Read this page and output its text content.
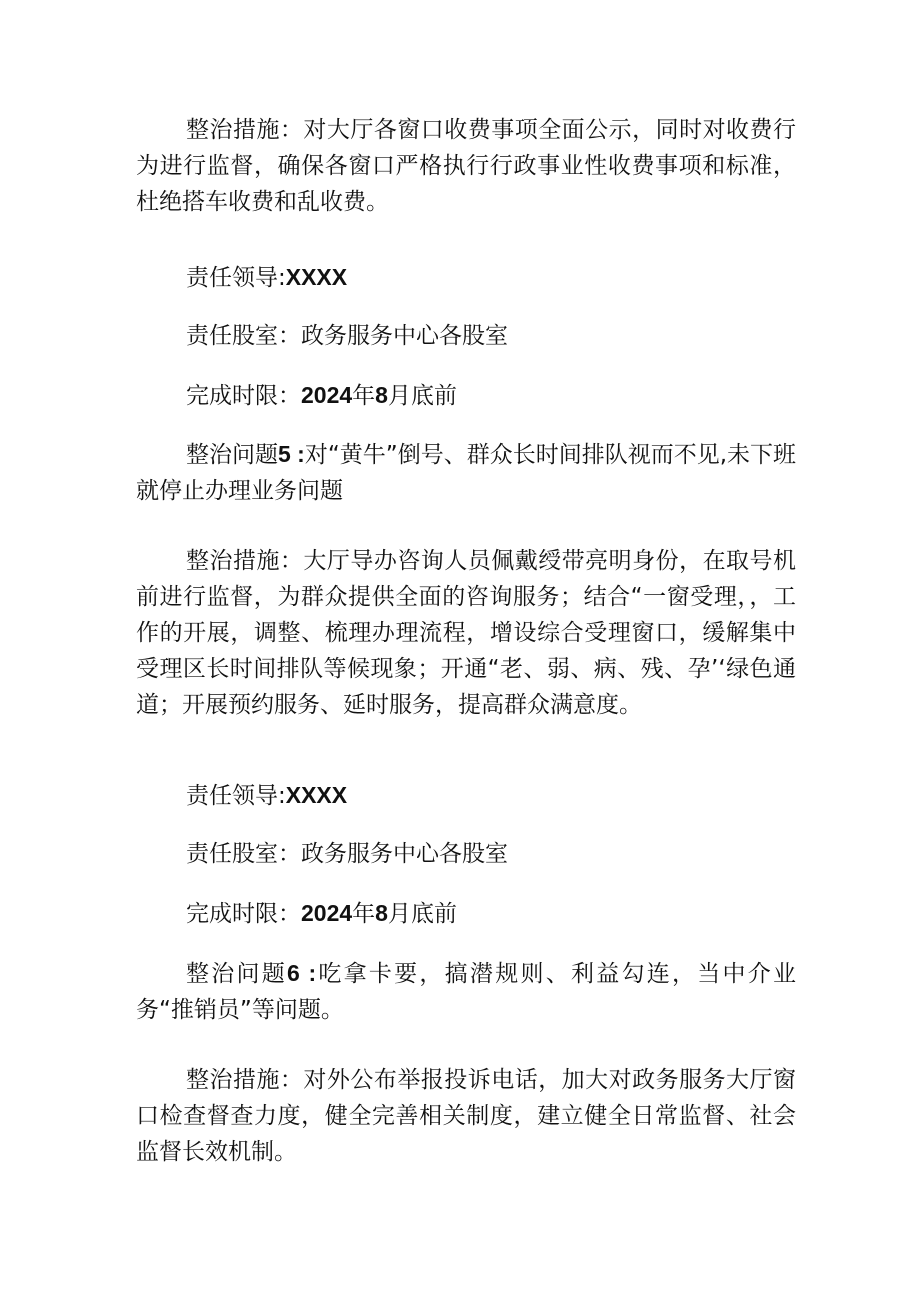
整治措施：对大厅各窗口收费事项全面公示，同时对收费行为进行监督，确保各窗口严格执行行政事业性收费事项和标准，杜绝搭车收费和乱收费。

责任领导:XXXX

责任股室：政务服务中心各股室

完成时限：2024年8月底前

整治问题5 :对“黄牛”倒号、群众长时间排队视而不见,未下班就停止办理业务问题

整治措施：大厅导办咨询人员佩戴绶带亮明身份，在取号机前进行监督，为群众提供全面的咨询服务；结合“一窗受理，，工作的开展，调整、梳理办理流程，增设综合受理窗口，缓解集中受理区长时间排队等候现象；开通“老、弱、病、残、孕’‘绿色通道；开展预约服务、延时服务，提高群众满意度。

责任领导:XXXX

责任股室：政务服务中心各股室

完成时限：2024年8月底前

整治问题6 :吃拿卡要，搞潜规则、利益勾连，当中介业务“推销员”等问题。

整治措施：对外公布举报投诉电话，加大对政务服务大厅窗口检查督查力度，健全完善相关制度，建立健全日常监督、社会监督长效机制。
